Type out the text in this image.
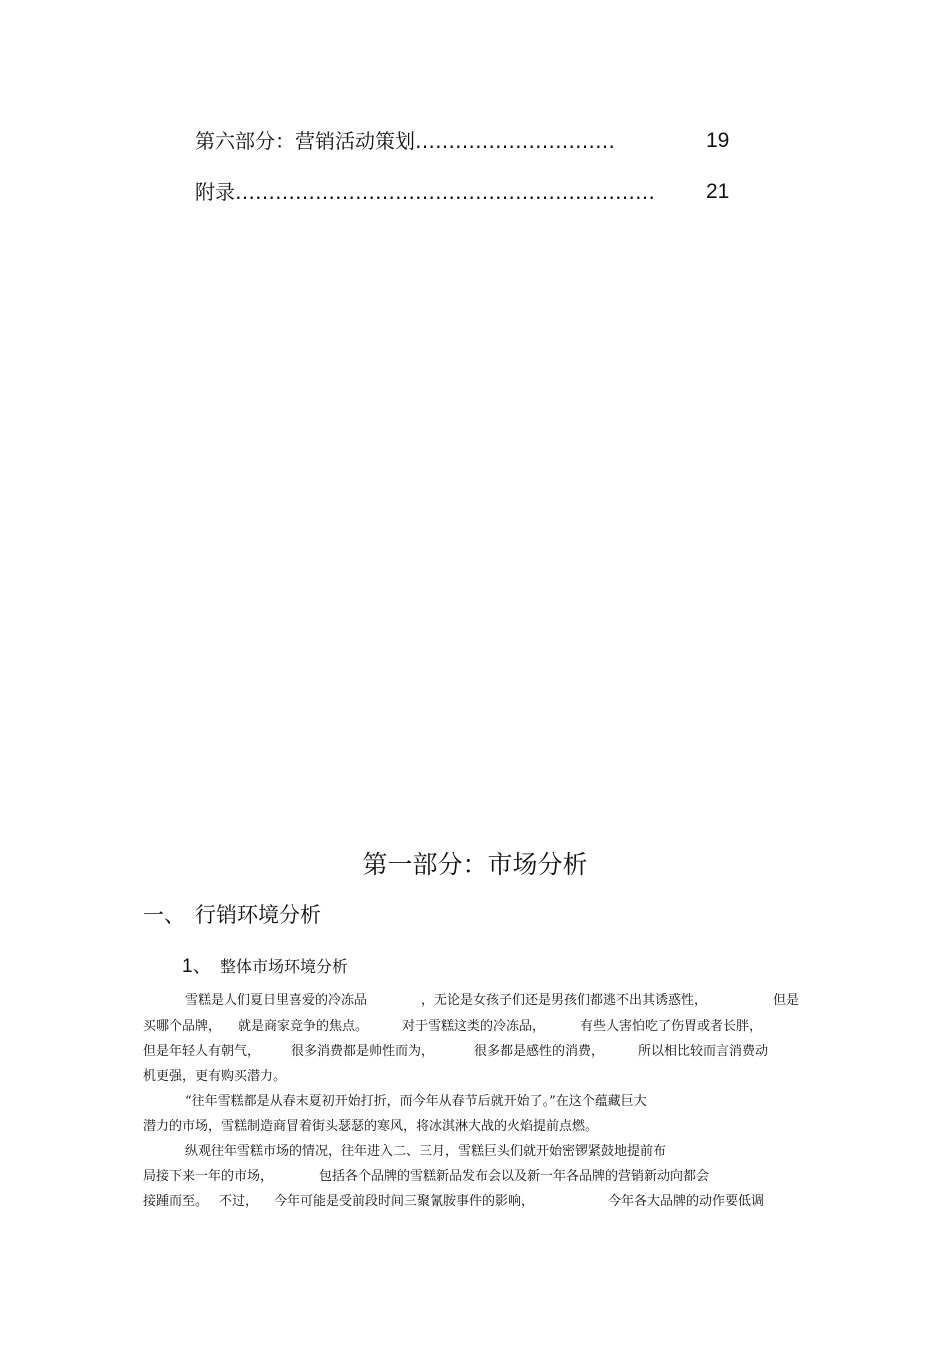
第六部分：营销活动策划…………………………	19
附录……………………………………………………… 21
第一部分：市场分析
一、 行销环境分析
1、 整体市场环境分析
雪糕是人们夏日里喜爱的冷冻品	，无论是女孩子们还是男孩们都逃不出其诱惑性，	但是
买哪个品牌， 就是商家竞争的焦点。	对于雪糕这类的冷冻品，	有些人害怕吃了伤胃或者长胖，
但是年轻人有朝气， 很多消费都是帅性而为，	很多都是感性的消费，	所以相比较而言消费动
机更强，更有购买潜力。
“往年雪糕都是从春末夏初开始打折，而今年从春节后就开始了。”在这个蕴藏巨大
潜力的市场，雪糕制造商冒着街头瑟瑟的寒风，将冰淇淋大战的火焰提前点燃。
纵观往年雪糕市场的情况，往年进入二、三月，雪糕巨头们就开始密锣紧鼓地提前布
局接下来一年的市场，	包括各个品牌的雪糕新品发布会以及新一年各品牌的营销新动向都会
接踵而至。 不过， 今年可能是受前段时间三聚氰胺事件的影响，	今年各大品牌的动作要低调
